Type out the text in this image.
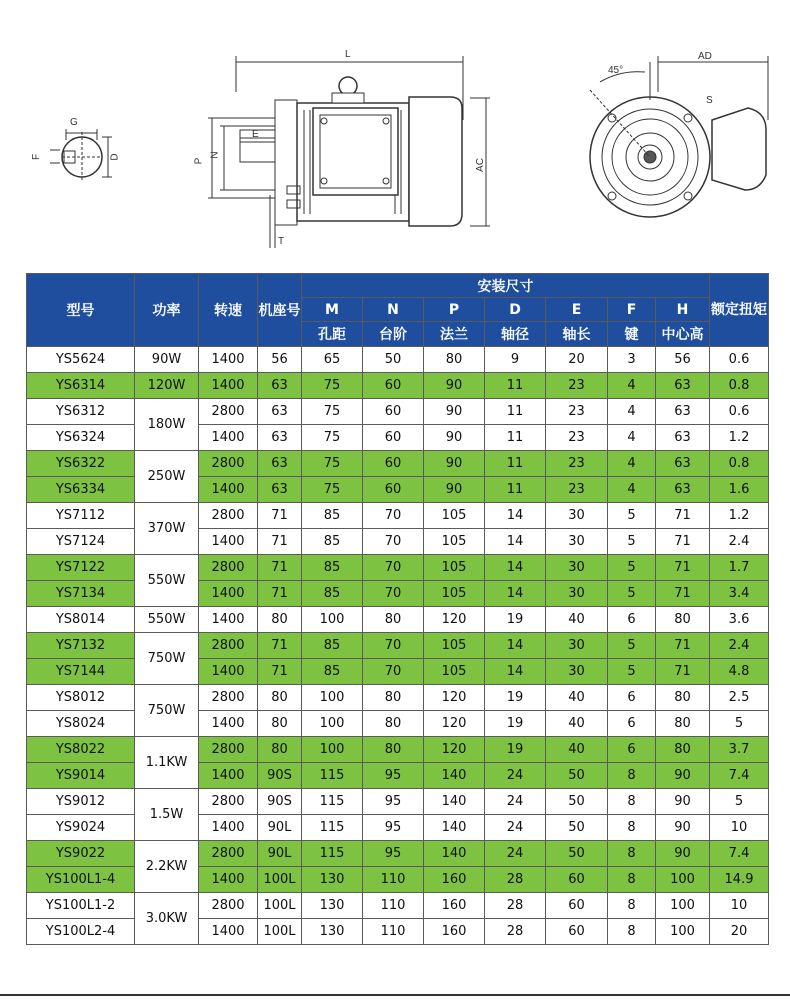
G
F	D
L
E
N
P	AC
T
AD
45°
S
型号	功率	转速	机座号	安装尺寸							额定扭矩
				M	N	P	D	E	F	H	
				孔距	台阶	法兰	轴径	轴长	键	中心高	
YS5624	90W	1400	56	65	50	80	9	20	3	56	0.6
YS6314	120W	1400	63	75	60	90	11	23	4	63	0.8
YS6312	180W	2800	63	75	60	90	11	23	4	63	0.6
YS6324		1400	63	75	60	90	11	23	4	63	1.2
YS6322	250W	2800	63	75	60	90	11	23	4	63	0.8
YS6334		1400	63	75	60	90	11	23	4	63	1.6
YS7112	370W	2800	71	85	70	105	14	30	5	71	1.2
YS7124		1400	71	85	70	105	14	30	5	71	2.4
YS7122	550W	2800	71	85	70	105	14	30	5	71	1.7
YS7134		1400	71	85	70	105	14	30	5	71	3.4
YS8014	550W	1400	80	100	80	120	19	40	6	80	3.6
YS7132	750W	2800	71	85	70	105	14	30	5	71	2.4
YS7144		1400	71	85	70	105	14	30	5	71	4.8
YS8012	750W	2800	80	100	80	120	19	40	6	80	2.5
YS8024		1400	80	100	80	120	19	40	6	80	5
YS8022	1.1KW	2800	80	100	80	120	19	40	6	80	3.7
YS9014		1400	90S	115	95	140	24	50	8	90	7.4
YS9012	1.5W	2800	90S	115	95	140	24	50	8	90	5
YS9024		1400	90L	115	95	140	24	50	8	90	10
YS9022	2.2KW	2800	90L	115	95	140	24	50	8	90	7.4
YS100L1-4		1400	100L	130	110	160	28	60	8	100	14.9
YS100L1-2	3.0KW	2800	100L	130	110	160	28	60	8	100	10
YS100L2-4		1400	100L	130	110	160	28	60	8	100	20
